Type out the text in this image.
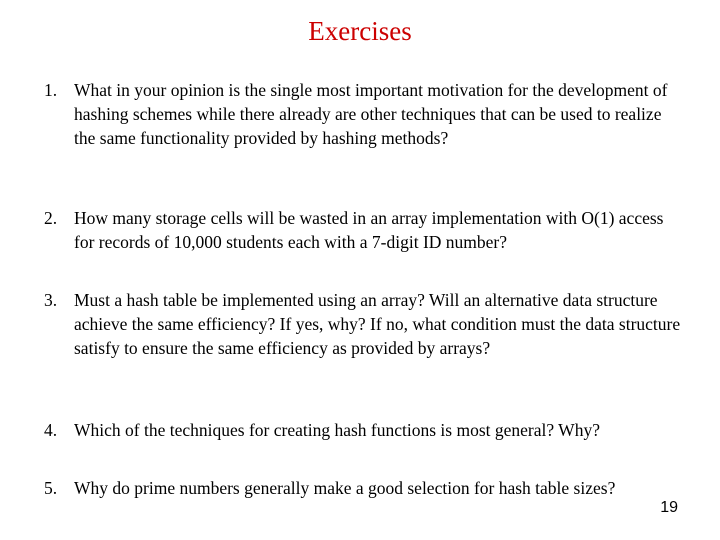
Exercises
1. What in your opinion is the single most important motivation for the development of hashing schemes while there already are other techniques that can be used to realize the same functionality provided by hashing methods?
2. How many storage cells will be wasted in an array implementation with O(1) access for records of 10,000 students each with a 7-digit ID number?
3. Must a hash table be implemented using an array? Will an alternative data structure achieve the same efficiency? If yes, why? If no, what condition must the data structure satisfy to ensure the same efficiency as provided by arrays?
4. Which of the techniques for creating hash functions is most general? Why?
5. Why do prime numbers generally make a good selection for hash table sizes?
19
